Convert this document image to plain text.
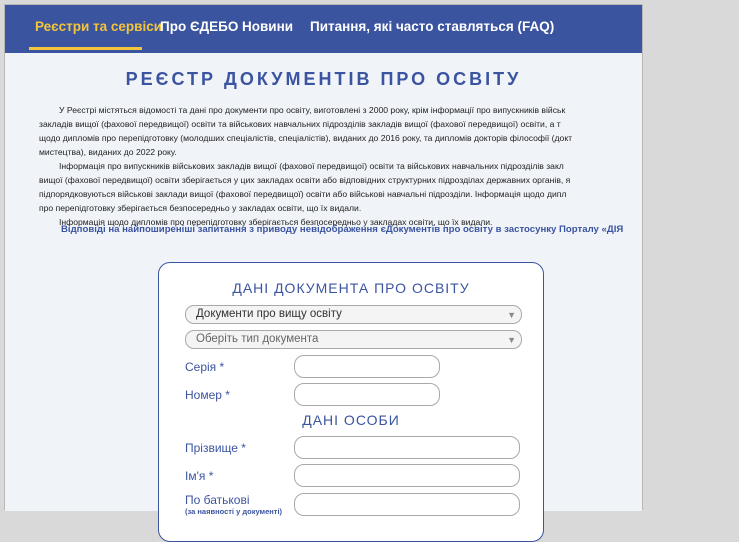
Реєстри та сервіси
Про ЄДЕБО Новини Питання, які часто ставляться (FAQ)
РЕЄСТР ДОКУМЕНТІВ ПРО ОСВІТУ

У Реєстрі містяться відомості та дані про документи про освіту, виготовлені з 2000 року, крім інформації про випускників військ

закладів вищої (фахової передвищої) освіти та військових навчальних підрозділів закладів вищої (фахової передвищої) освіти, а т

щодо дипломів про перепідготовку (молодших спеціалістів, спеціалістів), виданих до 2016 року, та дипломів докторів філософії (докт

мистецтва), виданих до 2022 року.

Інформація про випускників військових закладів вищої (фахової передвищої) освіти та військових навчальних підрозділів закл

вищої (фахової передвищої) освіти зберігається у цих закладах освіти або відповідних структурних підрозділах державних органів, я

підпорядковуються військові заклади вищої (фахової передвищої) освіти або військові навчальні підрозділи. Інформація щодо дипл

про перепідготовку зберігається безпосередньо у закладах освіти, що їх видали.

Інформація щодо дипломів про перепідготовку зберігається безпосередньо у закладах освіти, що їх видали.

Відповіді на найпоширеніші запитання з приводу невідображення єДокументів про освіту в застосунку Порталу «ДІЯ
ДАНІ ДОКУМЕНТА ПРО ОСВІТУ
Документи про вищу освіту	▼
Оберіть тип документа	▼
Серія *
Номер *
ДАНІ ОСОБИ
Прізвище *
Ім'я *
По батькові
(за наявності у документі)
